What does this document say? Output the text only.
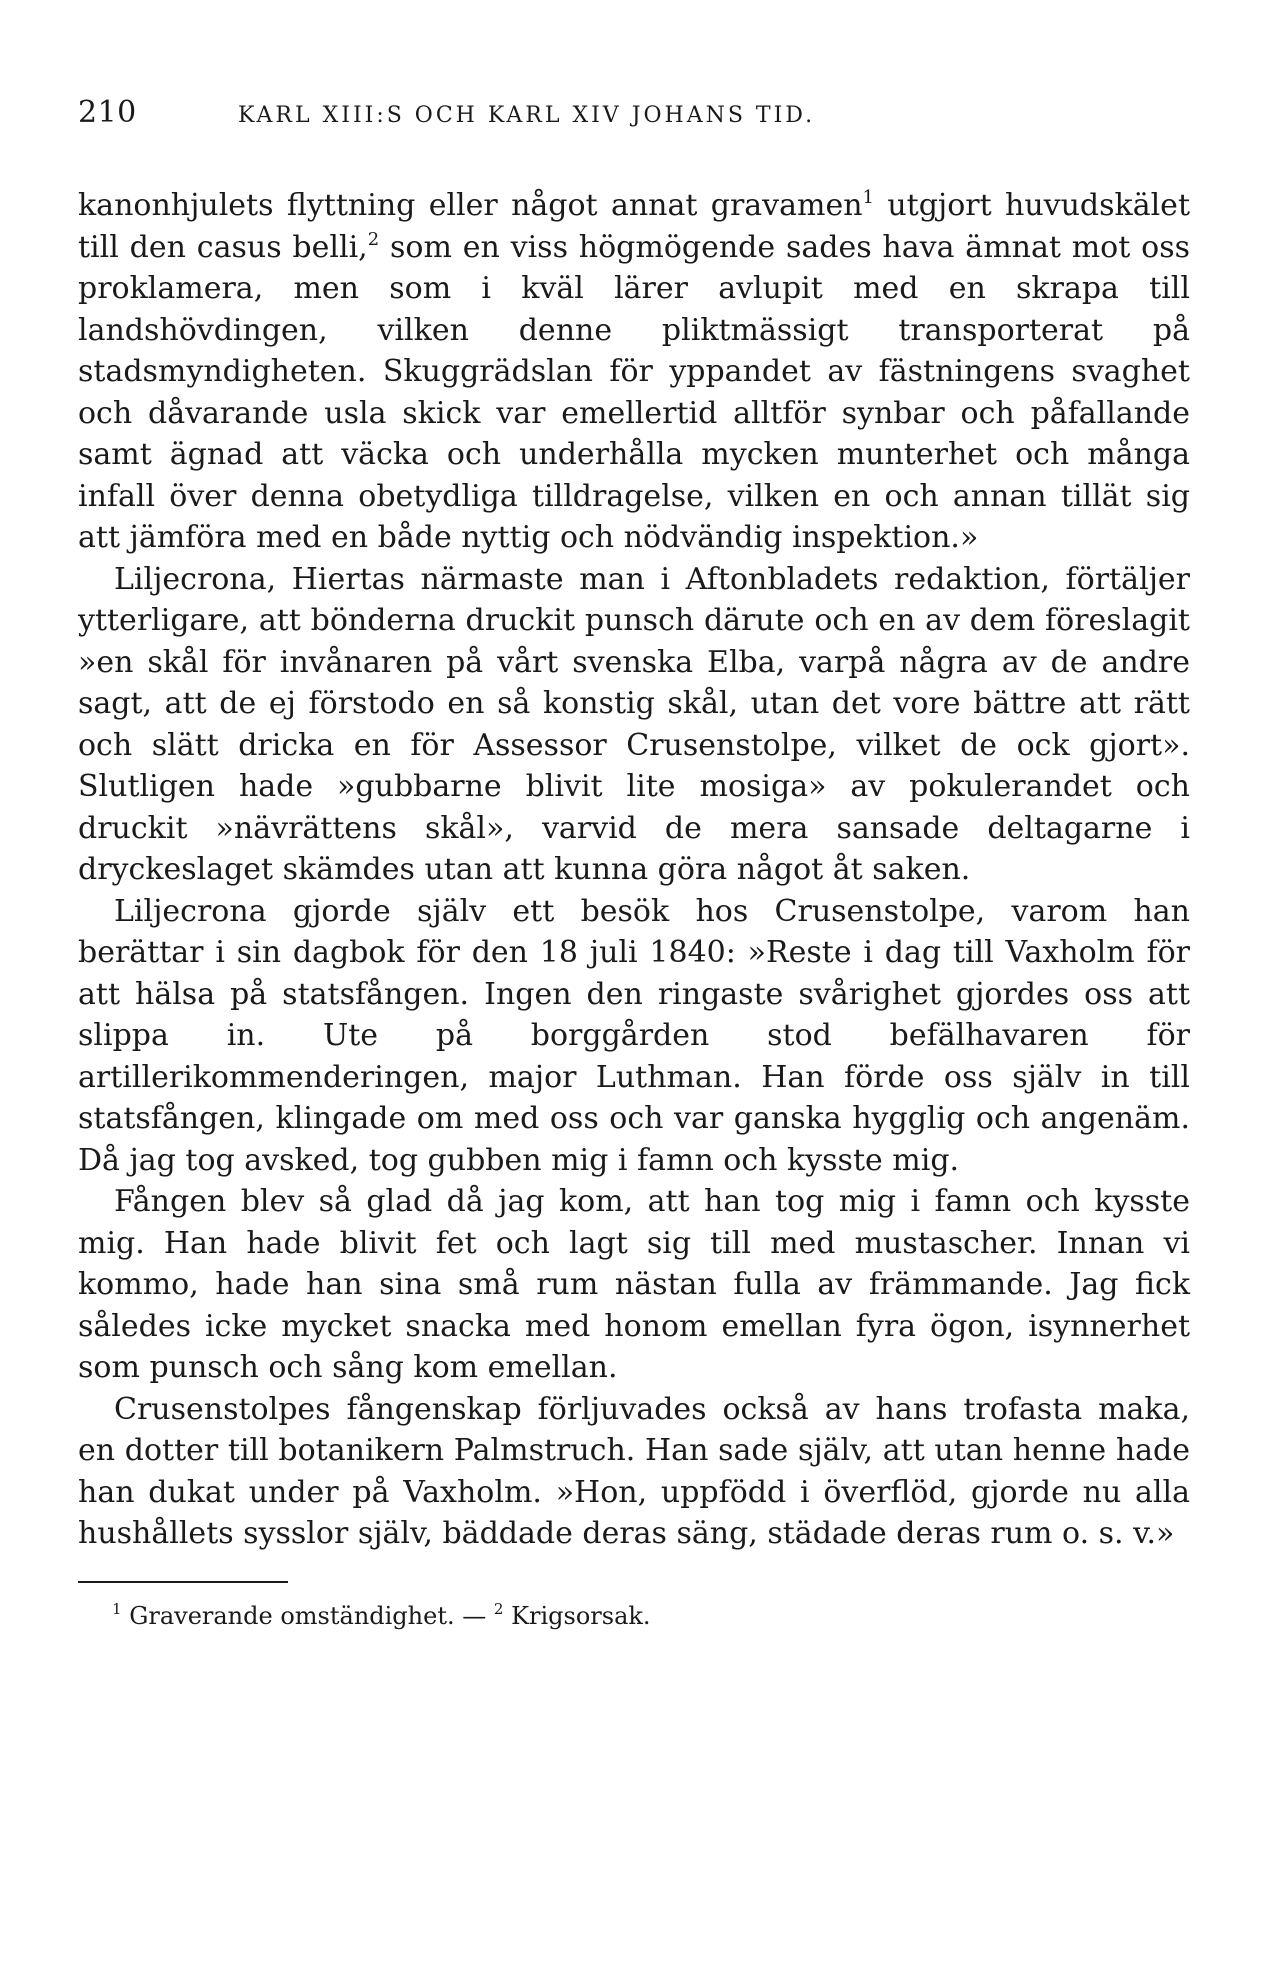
210	KARL XIII:S OCH KARL XIV JOHANS TID.

kanonhjulets flyttning eller något annat gravamen$^1$ utgjort huvudskälet till den casus belli,$^2$ som en viss högmögende sades hava ämnat mot oss proklamera, men som i kväl lärer avlupit med en skrapa till landshövdingen, vilken denne pliktmässigt transporterat på stadsmyndigheten. Skuggrädslan för yppandet av fästningens svaghet och dåvarande usla skick var emellertid alltför synbar och påfallande samt ägnad att väcka och underhålla mycken munterhet och många infall över denna obetydliga tilldragelse, vilken en och annan tillät sig att jämföra med en både nyttig och nödvändig inspektion.»

Liljecrona, Hiertas närmaste man i Aftonbladets redaktion, förtäljer ytterligare, att bönderna druckit punsch därute och en av dem föreslagit »en skål för invånaren på vårt svenska Elba, varpå några av de andre sagt, att de ej förstodo en så konstig skål, utan det vore bättre att rätt och slätt dricka en för Assessor Crusenstolpe, vilket de ock gjort». Slutligen hade »gubbarne blivit lite mosiga» av pokulerandet och druckit »nävrättens skål», varvid de mera sansade deltagarne i dryckeslaget skämdes utan att kunna göra något åt saken.

Liljecrona gjorde själv ett besök hos Crusenstolpe, varom han berättar i sin dagbok för den 18 juli 1840: »Reste i dag till Vaxholm för att hälsa på statsfången. Ingen den ringaste svårighet gjordes oss att slippa in. Ute på borggården stod befälhavaren för artillerikommenderingen, major Luthman. Han förde oss själv in till statsfången, klingade om med oss och var ganska hygglig och angenäm. Då jag tog avsked, tog gubben mig i famn och kysste mig.

Fången blev så glad då jag kom, att han tog mig i famn och kysste mig. Han hade blivit fet och lagt sig till med mustascher. Innan vi kommo, hade han sina små rum nästan fulla av främmande. Jag fick således icke mycket snacka med honom emellan fyra ögon, isynnerhet som punsch och sång kom emellan.

Crusenstolpes fångenskap förljuvades också av hans trofasta maka, en dotter till botanikern Palmstruch. Han sade själv, att utan henne hade han dukat under på Vaxholm. »Hon, uppfödd i överflöd, gjorde nu alla hushållets sysslor själv, bäddade deras säng, städade deras rum o. s. v.»

$^1$ Graverande omständighet. — $^2$ Krigsorsak.
